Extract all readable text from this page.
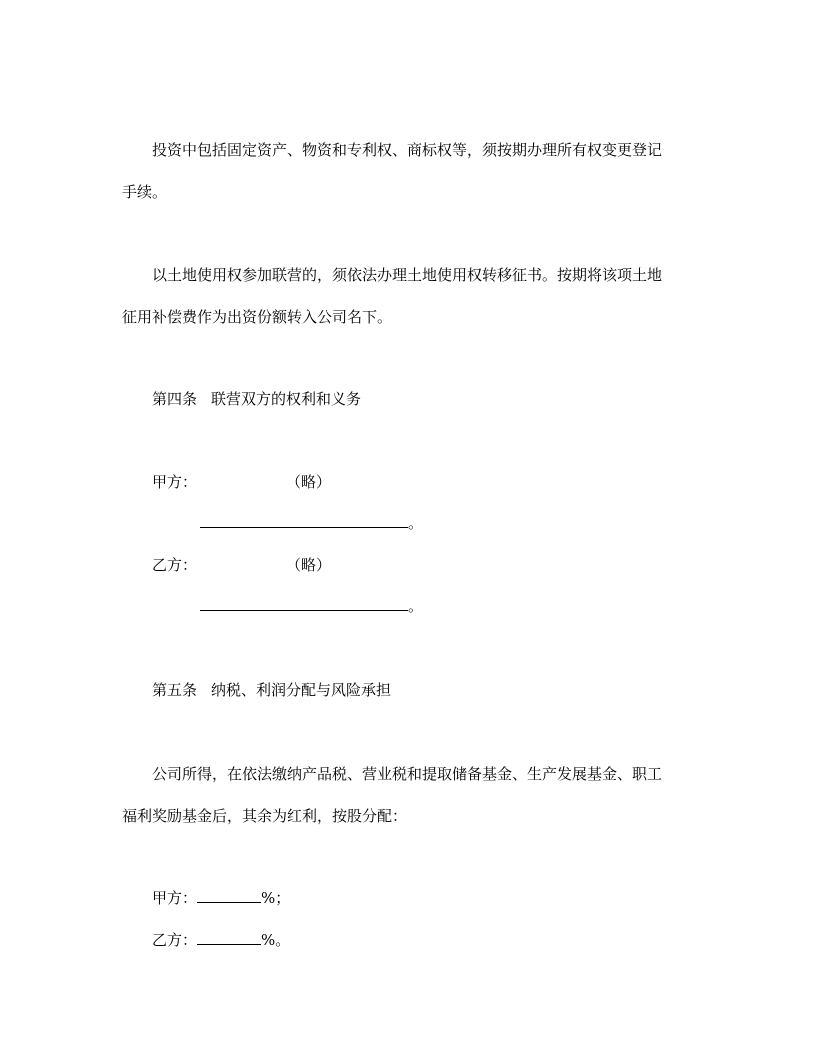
投资中包括固定资产、物资和专利权、商标权等，须按期办理所有权变更登记
手续。
以土地使用权参加联营的，须依法办理土地使用权转移征书。按期将该项土地
征用补偿费作为出资份额转入公司名下。
第四条 联营双方的权利和义务
甲方：	（略）
。
乙方：	（略）
。
第五条 纳税、利润分配与风险承担
公司所得，在依法缴纳产品税、营业税和提取储备基金、生产发展基金、职工
福利奖励基金后，其余为红利，按股分配：
甲方：	%；
乙方：	%。
